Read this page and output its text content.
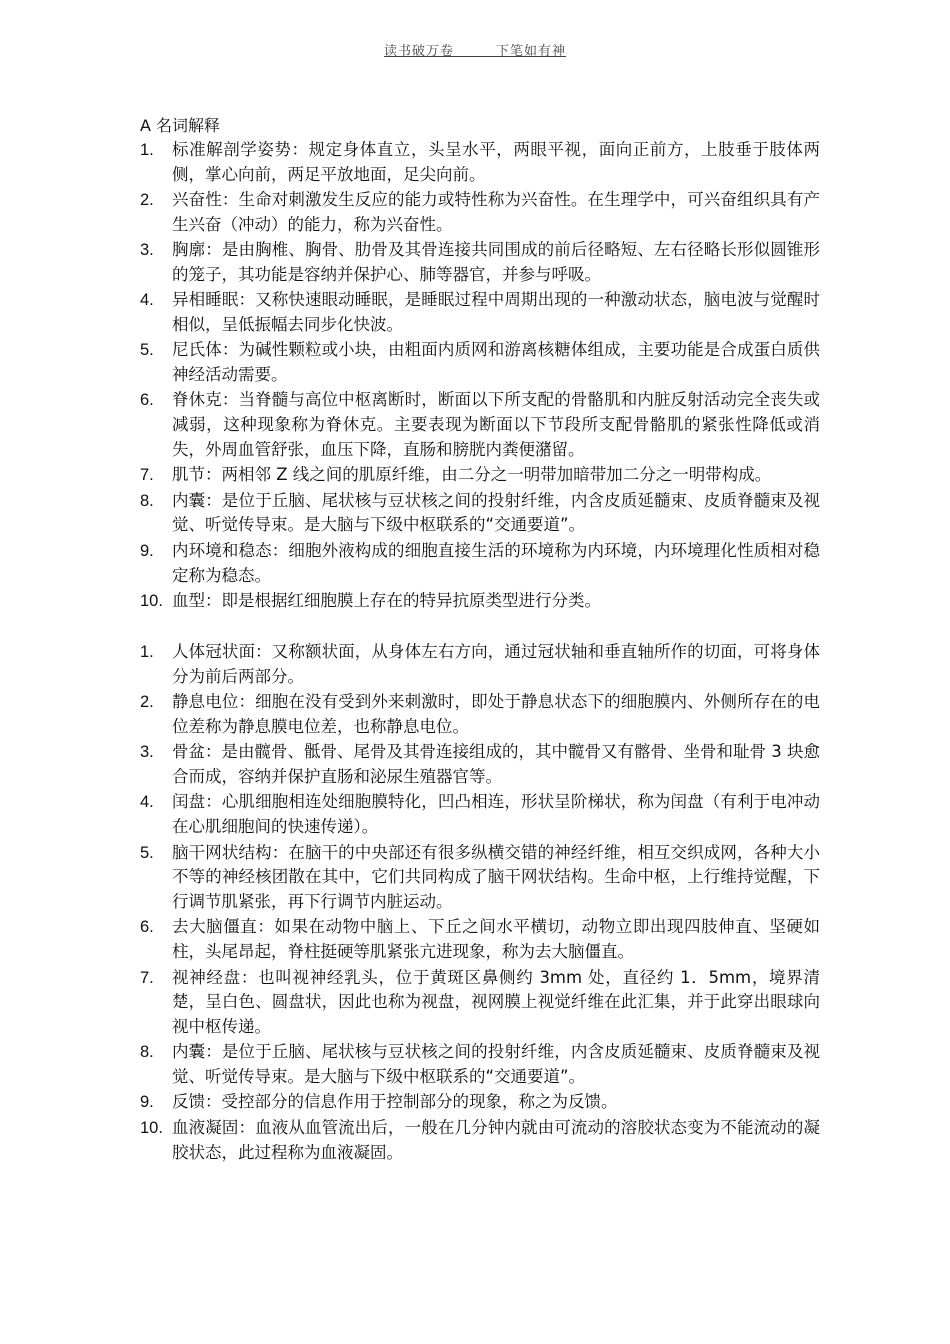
读书破万卷＿＿＿下笔如有神
A 名词解释
1.	标准解剖学姿势：规定身体直立，头呈水平，两眼平视，面向正前方，上肢垂于肢体两侧，掌心向前，两足平放地面，足尖向前。
2.	兴奋性：生命对刺激发生反应的能力或特性称为兴奋性。在生理学中，可兴奋组织具有产生兴奋（冲动）的能力，称为兴奋性。
3.	胸廓：是由胸椎、胸骨、肋骨及其骨连接共同围成的前后径略短、左右径略长形似圆锥形的笼子，其功能是容纳并保护心、肺等器官，并参与呼吸。
4.	异相睡眠：又称快速眼动睡眠，是睡眠过程中周期出现的一种激动状态，脑电波与觉醒时相似，呈低振幅去同步化快波。
5.	尼氏体：为碱性颗粒或小块，由粗面内质网和游离核糖体组成，主要功能是合成蛋白质供神经活动需要。
6.	脊休克：当脊髓与高位中枢离断时，断面以下所支配的骨骼肌和内脏反射活动完全丧失或减弱，这种现象称为脊休克。主要表现为断面以下节段所支配骨骼肌的紧张性降低或消失，外周血管舒张，血压下降，直肠和膀胱内粪便潴留。
7.	肌节：两相邻 Z 线之间的肌原纤维，由二分之一明带加暗带加二分之一明带构成。
8.	内囊：是位于丘脑、尾状核与豆状核之间的投射纤维，内含皮质延髓束、皮质脊髓束及视觉、听觉传导束。是大脑与下级中枢联系的“交通要道”。
9.	内环境和稳态：细胞外液构成的细胞直接生活的环境称为内环境，内环境理化性质相对稳定称为稳态。
10. 血型：即是根据红细胞膜上存在的特异抗原类型进行分类。
1.	人体冠状面：又称额状面，从身体左右方向，通过冠状轴和垂直轴所作的切面，可将身体分为前后两部分。
2.	静息电位：细胞在没有受到外来刺激时，即处于静息状态下的细胞膜内、外侧所存在的电位差称为静息膜电位差，也称静息电位。
3.	骨盆：是由髋骨、骶骨、尾骨及其骨连接组成的，其中髋骨又有髂骨、坐骨和耻骨 3 块愈合而成，容纳并保护直肠和泌尿生殖器官等。
4.	闰盘：心肌细胞相连处细胞膜特化，凹凸相连，形状呈阶梯状，称为闰盘（有利于电冲动在心肌细胞间的快速传递）。
5.	脑干网状结构：在脑干的中央部还有很多纵横交错的神经纤维，相互交织成网，各种大小不等的神经核团散在其中，它们共同构成了脑干网状结构。生命中枢，上行维持觉醒，下行调节肌紧张，再下行调节内脏运动。
6.	去大脑僵直：如果在动物中脑上、下丘之间水平横切，动物立即出现四肢伸直、坚硬如柱，头尾昂起，脊柱挺硬等肌紧张亢进现象，称为去大脑僵直。
7.	视神经盘：也叫视神经乳头，位于黄斑区鼻侧约 3mm 处，直径约 1．5mm，境界清楚，呈白色、圆盘状，因此也称为视盘，视网膜上视觉纤维在此汇集，并于此穿出眼球向视中枢传递。
8.	内囊：是位于丘脑、尾状核与豆状核之间的投射纤维，内含皮质延髓束、皮质脊髓束及视觉、听觉传导束。是大脑与下级中枢联系的“交通要道”。
9.	反馈：受控部分的信息作用于控制部分的现象，称之为反馈。
10. 血液凝固：血液从血管流出后，一般在几分钟内就由可流动的溶胶状态变为不能流动的凝胶状态，此过程称为血液凝固。
